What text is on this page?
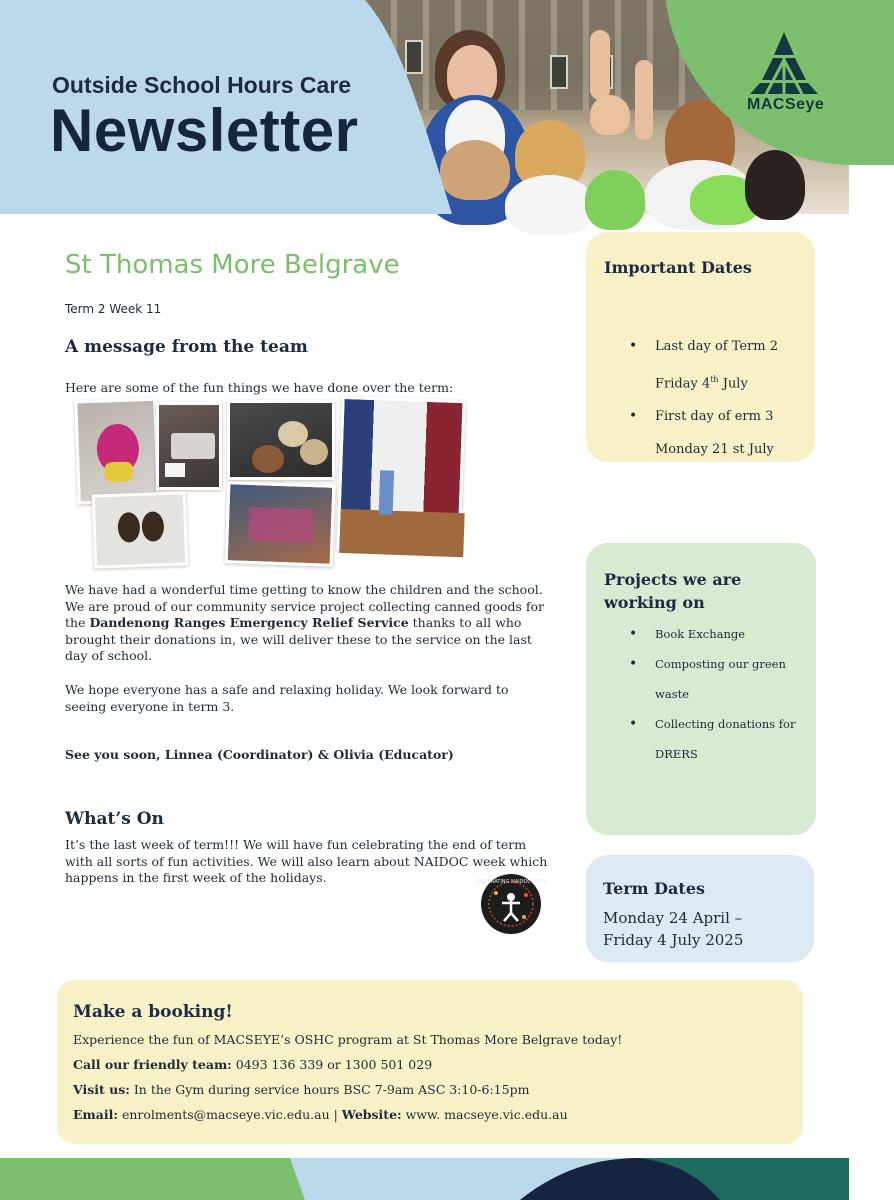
Outside School Hours Care
Newsletter	MACSeye
St Thomas More Belgrave
Term 2 Week 11
A message from the team
Here are some of the fun things we have done over the term:
We have had a wonderful time getting to know the children and the school.
We are proud of our community service project collecting canned goods for
the Dandenong Ranges Emergency Relief Service thanks to all who
brought their donations in, we will deliver these to the service on the last
day of school.
We hope everyone has a safe and relaxing holiday. We look forward to
seeing everyone in term 3.
See you soon, Linnea (Coordinator) & Olivia (Educator)
What’s On
It’s the last week of term!!! We will have fun celebrating the end of term
with all sorts of fun activities. We will also learn about NAIDOC week which
happens in the first week of the holidays.	CELEBRATING NAIDOC WEEK
Important Dates
• Last day of Term 2
Friday 4th July
• First day of erm 3
Monday 21 st July
Projects we are
working on
• Book Exchange
• Composting our green
waste
• Collecting donations for
DRERS
Term Dates
Monday 24 April –
Friday 4 July 2025
Make a booking!
Experience the fun of MACSEYE’s OSHC program at St Thomas More Belgrave today!
Call our friendly team: 0493 136 339 or 1300 501 029
Visit us: In the Gym during service hours BSC 7-9am ASC 3:10-6:15pm
Email: enrolments@macseye.vic.edu.au | Website: www. macseye.vic.edu.au
